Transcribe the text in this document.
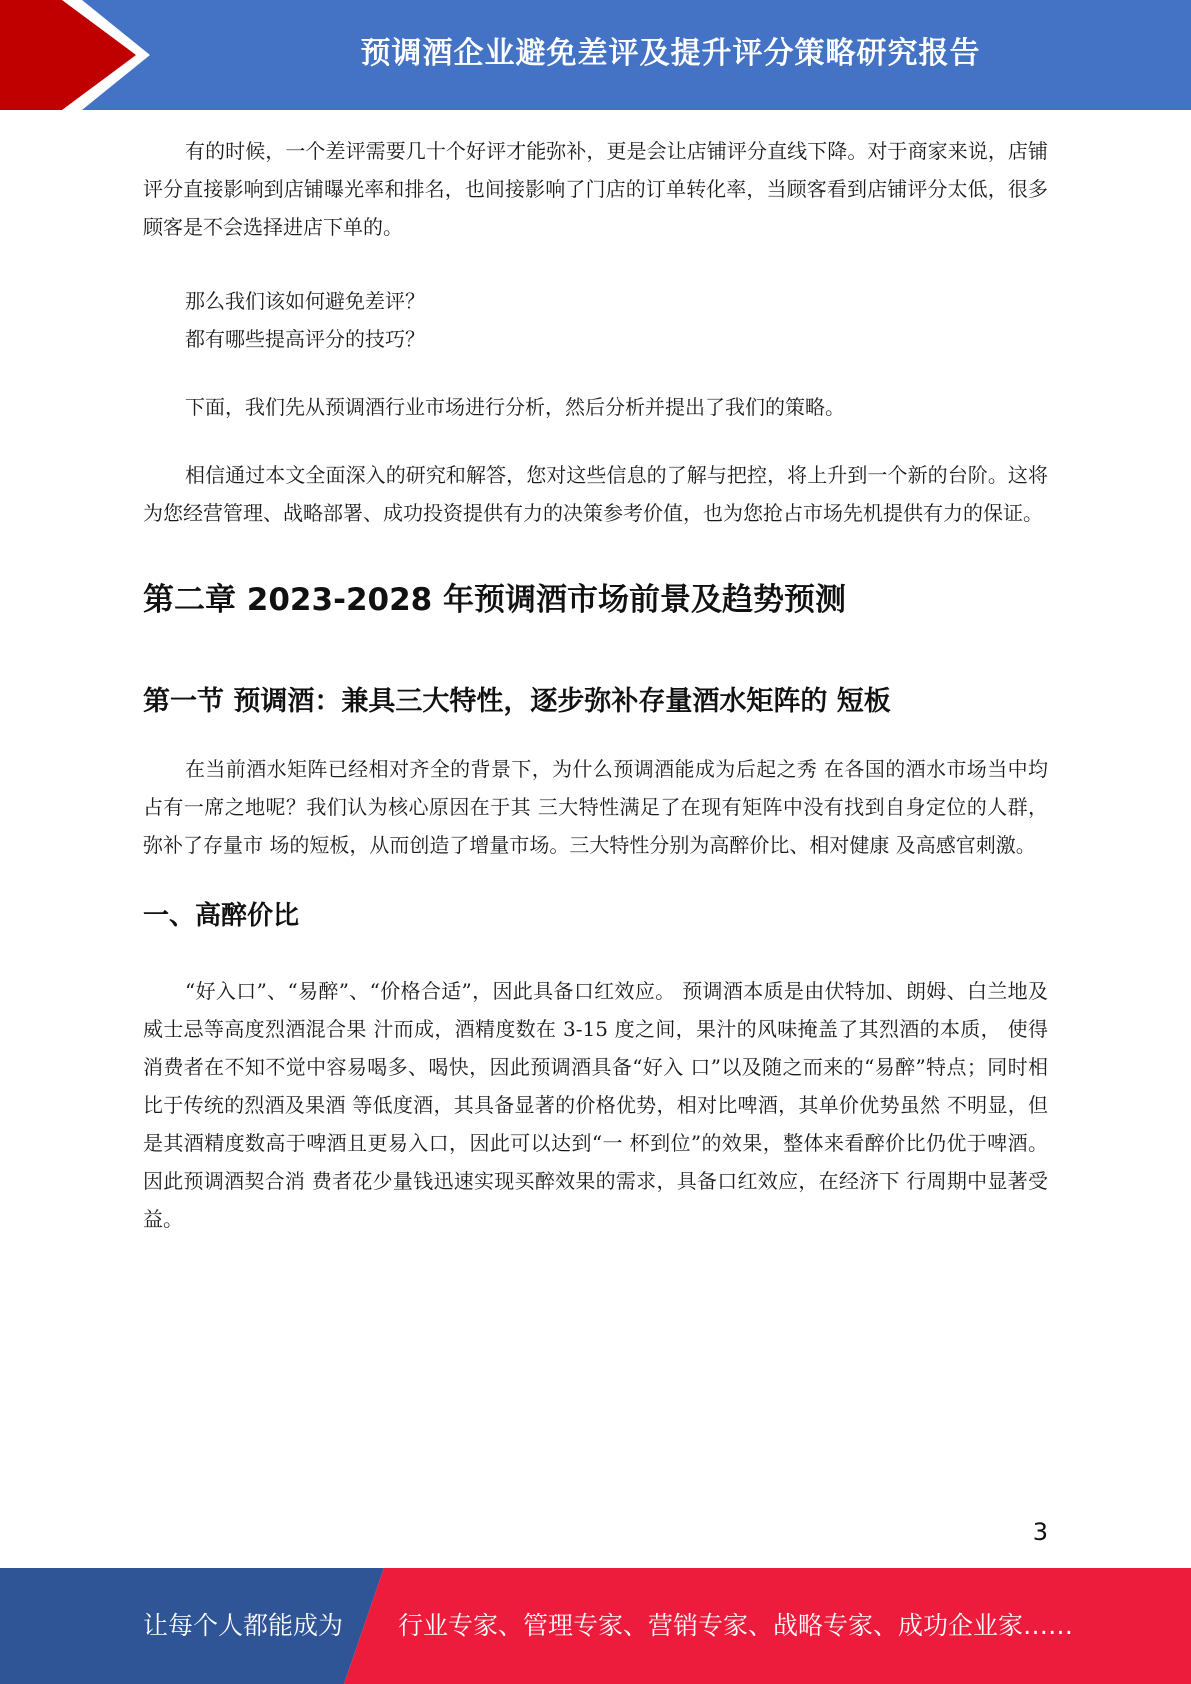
预调酒企业避免差评及提升评分策略研究报告

有的时候，一个差评需要几十个好评才能弥补，更是会让店铺评分直线下降。对于商家来说，店铺评分直接影响到店铺曝光率和排名，也间接影响了门店的订单转化率，当顾客看到店铺评分太低，很多顾客是不会选择进店下单的。

那么我们该如何避免差评？

都有哪些提高评分的技巧？

下面，我们先从预调酒行业市场进行分析，然后分析并提出了我们的策略。

相信通过本文全面深入的研究和解答，您对这些信息的了解与把控，将上升到一个新的台阶。这将为您经营管理、战略部署、成功投资提供有力的决策参考价值，也为您抢占市场先机提供有力的保证。

第二章 2023-2028 年预调酒市场前景及趋势预测
第一节 预调酒：兼具三大特性，逐步弥补存量酒水矩阵的 短板

在当前酒水矩阵已经相对齐全的背景下，为什么预调酒能成为后起之秀 在各国的酒水市场当中均占有一席之地呢？我们认为核心原因在于其 三大特性满足了在现有矩阵中没有找到自身定位的人群，弥补了存量市 场的短板，从而创造了增量市场。三大特性分别为高醉价比、相对健康 及高感官刺激。

一、高醉价比

“好入口”、“易醉”、“价格合适”，因此具备口红效应。 预调酒本质是由伏特加、朗姆、白兰地及威士忌等高度烈酒混合果 汁而成，酒精度数在 3-15 度之间，果汁的风味掩盖了其烈酒的本质， 使得消费者在不知不觉中容易喝多、喝快，因此预调酒具备“好入 口”以及随之而来的“易醉”特点；同时相比于传统的烈酒及果酒 等低度酒，其具备显著的价格优势，相对比啤酒，其单价优势虽然 不明显，但是其酒精度数高于啤酒且更易入口，因此可以达到“一 杯到位”的效果，整体来看醉价比仍优于啤酒。因此预调酒契合消 费者花少量钱迅速实现买醉效果的需求，具备口红效应，在经济下 行周期中显著受益。

3
让每个人都能成为 行业专家、管理专家、营销专家、战略专家、成功企业家……
